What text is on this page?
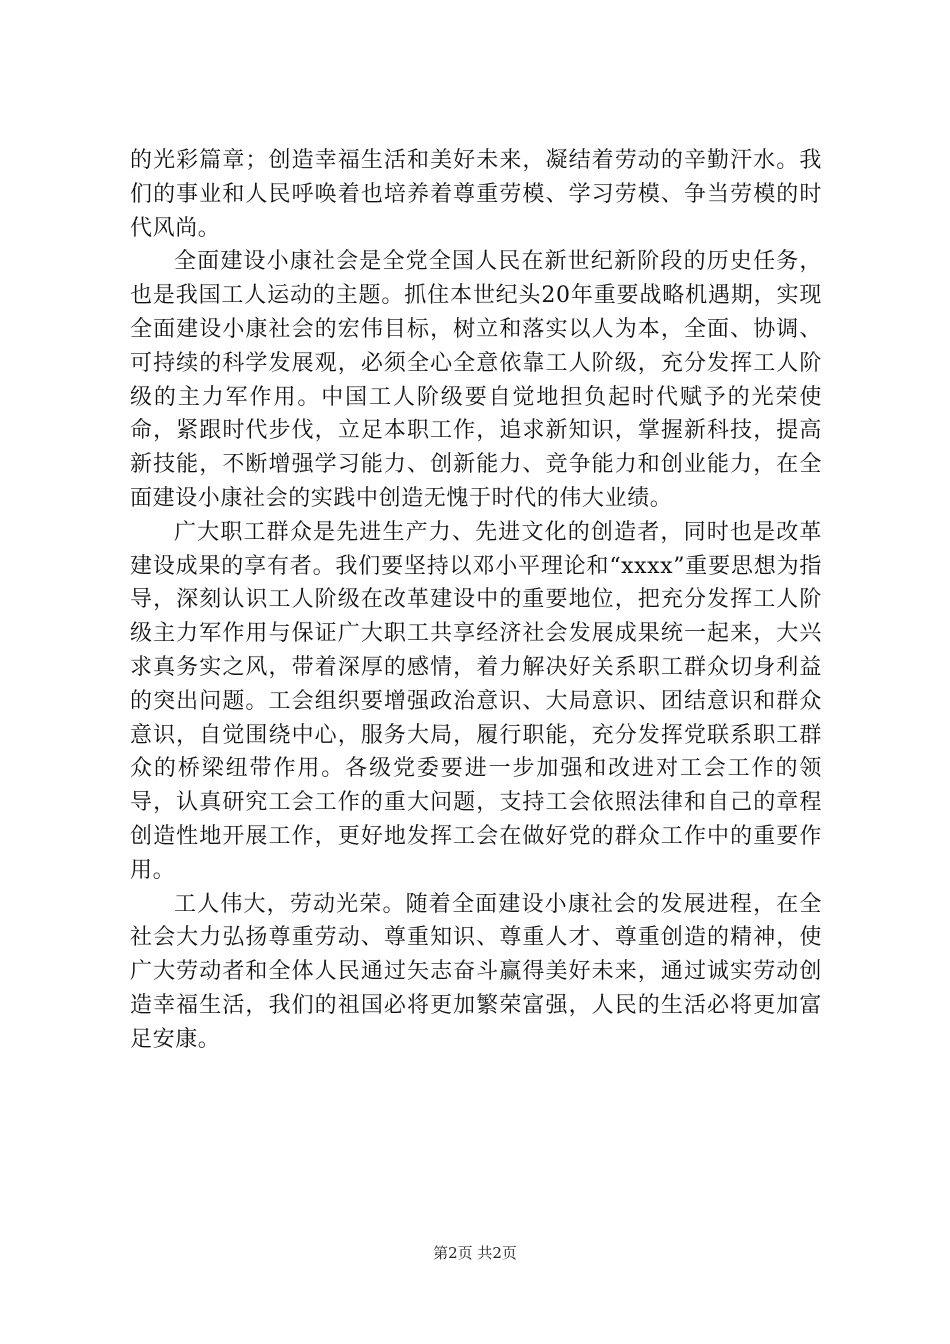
的光彩篇章；创造幸福生活和美好未来，凝结着劳动的辛勤汗水。我们的事业和人民呼唤着也培养着尊重劳模、学习劳模、争当劳模的时代风尚。

全面建设小康社会是全党全国人民在新世纪新阶段的历史任务，也是我国工人运动的主题。抓住本世纪头20年重要战略机遇期，实现全面建设小康社会的宏伟目标，树立和落实以人为本，全面、协调、可持续的科学发展观，必须全心全意依靠工人阶级，充分发挥工人阶级的主力军作用。中国工人阶级要自觉地担负起时代赋予的光荣使命，紧跟时代步伐，立足本职工作，追求新知识，掌握新科技，提高新技能，不断增强学习能力、创新能力、竞争能力和创业能力，在全面建设小康社会的实践中创造无愧于时代的伟大业绩。

广大职工群众是先进生产力、先进文化的创造者，同时也是改革建设成果的享有者。我们要坚持以邓小平理论和“xxxx”重要思想为指导，深刻认识工人阶级在改革建设中的重要地位，把充分发挥工人阶级主力军作用与保证广大职工共享经济社会发展成果统一起来，大兴求真务实之风，带着深厚的感情，着力解决好关系职工群众切身利益的突出问题。工会组织要增强政治意识、大局意识、团结意识和群众意识，自觉围绕中心，服务大局，履行职能，充分发挥党联系职工群众的桥梁纽带作用。各级党委要进一步加强和改进对工会工作的领导，认真研究工会工作的重大问题，支持工会依照法律和自己的章程创造性地开展工作，更好地发挥工会在做好党的群众工作中的重要作用。

工人伟大，劳动光荣。随着全面建设小康社会的发展进程，在全社会大力弘扬尊重劳动、尊重知识、尊重人才、尊重创造的精神，使广大劳动者和全体人民通过矢志奋斗赢得美好未来，通过诚实劳动创造幸福生活，我们的祖国必将更加繁荣富强，人民的生活必将更加富足安康。

第2页 共2页
